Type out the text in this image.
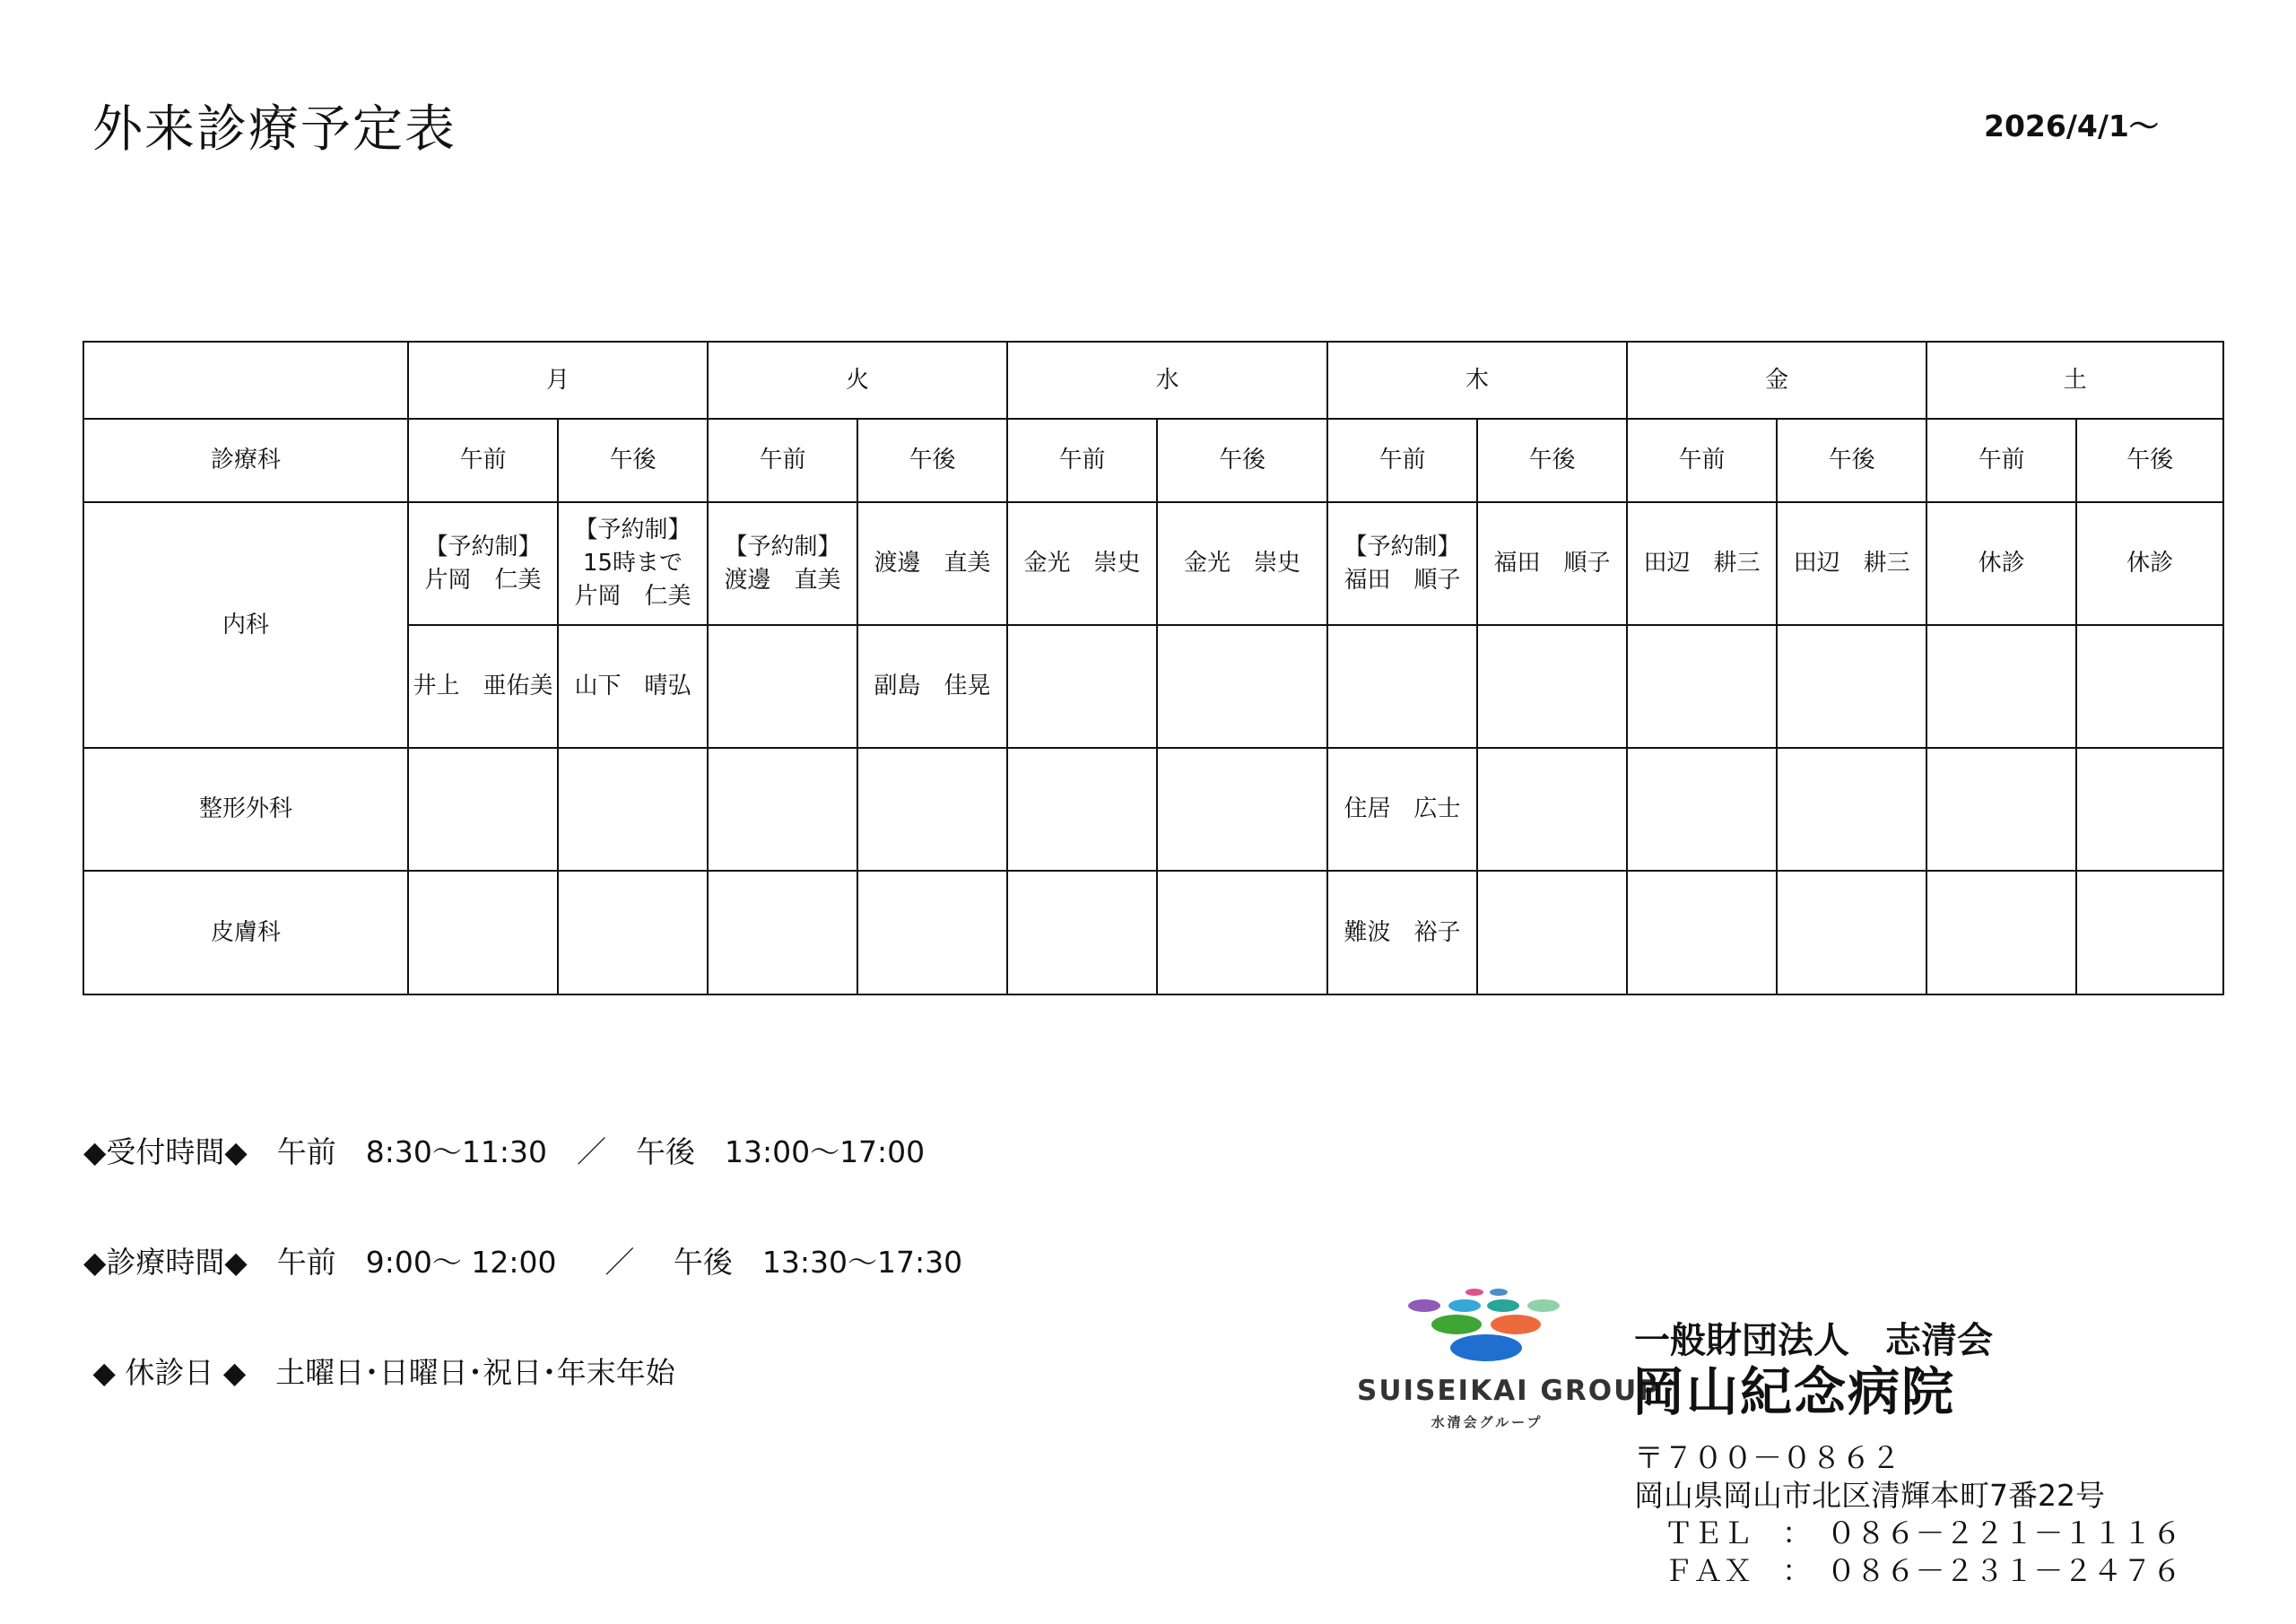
外来診療予定表	2026/4/1～
	月		火		水		木		金		土	
診療科	午前	午後	午前	午後	午前	午後	午前	午後	午前	午後	午前	午後
内科	【予約制】
片岡　仁美	【予約制】
15時まで
片岡　仁美	【予約制】
渡邊　直美	渡邊　直美	金光　崇史	金光　崇史	【予約制】
福田　順子	福田　順子	田辺　耕三	田辺　耕三	休診	休診

	井上　亜佑美	山下　晴弘		副島　佳晃								

整形外科							住居　広士					

皮膚科							難波　裕子					

◆受付時間◆　午前　8:30～11:30　／　午後　13:00～17:00

◆診療時間◆　午前　9:00～ 12:00 　 ／　 午後　13:30～17:30

◆ 休診日 ◆　土曜日･日曜日･祝日･年末年始

SUISEIKAI GROUP
水清会グループ
一般財団法人　志清会
岡山紀念病院
〒７００－０８６２
岡山県岡山市北区清輝本町7番22号
　ＴＥＬ　：　０８６－２２１－１１１６
　ＦＡＸ　：　０８６－２３１－２４７６
